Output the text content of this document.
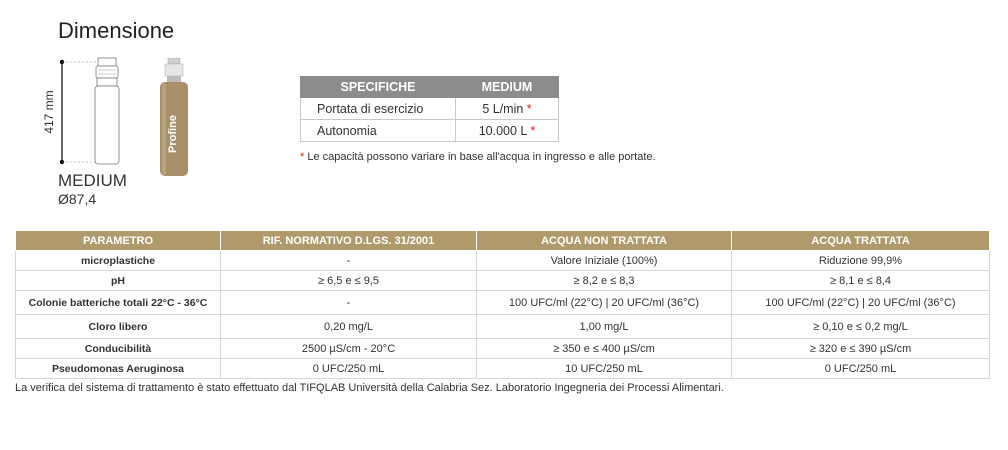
Dimensione
417 mm
MEDIUM
Ø87,4
Profine
SPECIFICHE	MEDIUM
Portata di esercizio	5 L/min *
Autonomia	10.000 L *
* Le capacità possono variare in base all'acqua in ingresso e alle portate.
PARAMETRO	RIF. NORMATIVO D.LGS. 31/2001	ACQUA NON TRATTATA	ACQUA TRATTATA
microplastiche	-	Valore Iniziale (100%)	Riduzione 99,9%
pH	≥ 6,5 e ≤ 9,5	≥ 8,2 e ≤ 8,3	≥ 8,1 e ≤ 8,4
Colonie batteriche totali 22°C - 36°C	-	100 UFC/ml (22°C) | 20 UFC/ml (36°C)	100 UFC/ml (22°C) | 20 UFC/ml (36°C)
Cloro libero	0,20 mg/L	1,00 mg/L	≥ 0,10 e ≤ 0,2 mg/L
Conducibilità	2500 µS/cm - 20°C	≥ 350 e ≤ 400 µS/cm	≥ 320 e ≤ 390 µS/cm
Pseudomonas Aeruginosa	0 UFC/250 mL	10 UFC/250 mL	0 UFC/250 mL
La verifica del sistema di trattamento è stato effettuato dal TIFQLAB Università della Calabria Sez. Laboratorio Ingegneria dei Processi Alimentari.
